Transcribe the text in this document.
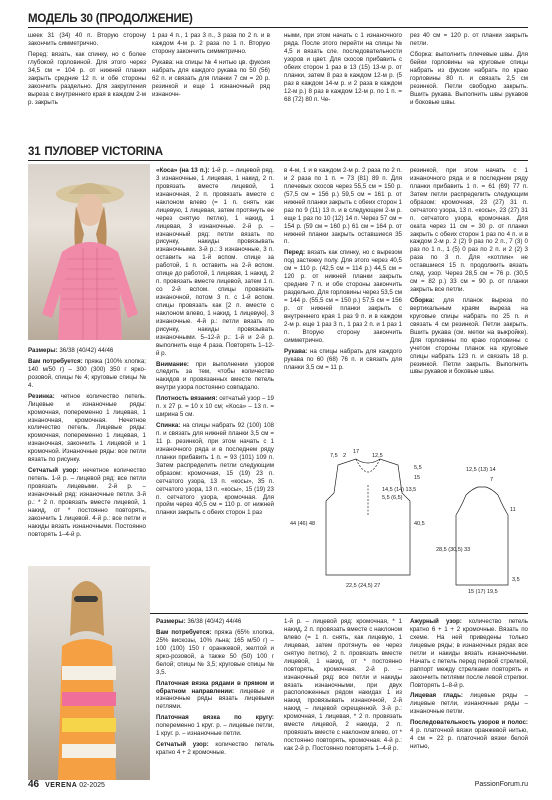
МОДЕЛЬ 30 (ПРОДОЛЖЕНИЕ)

шеек 31 (34) 40 п. Вторую сторону закончить симметрично.

Перед: вязать, как спинку, но с более глубокой горловиной. Для этого через 34,5 см = 104 р. от нижней планки закрыть средние 12 п. и обе стороны закончить раздельно. Для закругления выреза с внутреннего края в каждом 2-м р. закрыть

1 раз 4 п., 1 раз 3 п., 3 раза по 2 п. и в каждом 4-м р. 2 раза по 1 п. Вторую сторону закончить симметрично.

Рукава: на спицы № 4 нитью цв. фуксия набрать для каждого рукава по 50 (56) 62 п. и связать для планки 7 см = 20 р. резинкой и еще 1 изнаночный ряд изнаночн-

ными, при этом начать с 1 изнаночного ряда. После этого перейти на спицы № 4,5 и вязать сле. последовательности узоров и цвет. Для скосов прибавить с обеих сторон 1 раз в 13 (15) 13-м р. от планки, затем 8 раз в каждом 12-м р. (5 раз в каждом 14-м р. и 2 раза в каждом 12-м р.) 8 раз в каждом 12-м р. по 1 п. = 68 (72) 80 п. Че-

рез 40 см = 120 р. от планки закрыть петли.

Сборка: выполнить плечевые швы. Для бейки горловины на круговые спицы набрать из фуксии набрать по краю горловины 80 п. и связать 2,5 см резинкой. Петли свободно закрыть. Вшить рукава. Выполнить швы рукавов и боковые швы.

31 ПУЛОВЕР VICTORINA

Размеры: 36/38 (40/42) 44/46

Вам потребуется: пряжа (100% хлопка; 140 м/50 г) – 300 (300) 350 г ярко-розовой, спицы № 4; круговые спицы № 4.

Резинка: четное количество петель. Лицевые и изнаночные ряды: кромочная, попеременно 1 лицевая, 1 изнаночная, кромочная. Нечетное количество петель. Лицевые ряды: кромочная, попеременно 1 лицевая, 1 изнаночная, закончить 1 лицевой и 1 кромочной. Изнаночные ряды: все петли вязать по рисунку.

Сетчатый узор: нечетное количество петель. 1-й р. – лицевой ряд: все петли провязать лицевыми. 2-й р. – изнаночный ряд: изнаночные петли. 3-й р.: * 2 п. провязать вместе лицевой, 1 накид, от * постоянно повторять, закончить 1 лицевой. 4-й р.: все петли и накиды вязать изнаночными. Постоянно повторять 1–4-й р.

«Коса» (на 13 п.): 1-й р. – лицевой ряд. 3 изнаночные, 1 лицевая, 1 накид, 2 п. провязать вместе лицевой, 1 изнаночная, 2 п. провязать вместе с наклоном влево (= 1 п. снять как лицевую, 1 лицевая, затем протянуть ее через снятую петлю), 1 накид, 1 лицевая, 3 изнаночные. 2-й р. – изнаночный ряд: петли вязать по рисунку, накиды провязывать изнаночными. 3-й р.: 3 изнаночные, 3 п. оставить на 1-й вспом. спице за работой, 1 п. оставить на 2-й вспом. спице до работой, 1 лицевая, 1 накид, 2 п. провязать вместе лицевой, затем 1 п. со 2-й вспом. спицы провязать изнаночной, потом 3 п. с 1-й вспом. спицы провязать как [2 п. вместе с наклоном влево, 1 накид, 1 лицевую], 3 изнаночные. 4-й р.: петли вязать по рисунку, накиды провязывать изнаночными. 5–12-й р.: 1-й и 2-й р. выполнить еще 4 раза. Повторять 1–12-й р.

Внимание: при выполнении узоров следить за тем, чтобы количество накидов и провязанных вместе петель внутри узора постоянно совпадало.

Плотность вязания: сетчатый узор – 19 п. x 27 р. = 10 x 10 см; «Коса» – 13 п. = ширина 5 см.

Спинка: на спицы набрать 92 (100) 108 п. и связать для нижней планки 3,5 см = 11 р. резинкой, при этом начать с 1 изнаночного ряда и в последнем ряду планки прибавить 1 п. = 93 (101) 109 п. Затем распределить петли следующим образом: кромочная, 15 (19) 23 п. сетчатого узора, 13 п. «косы», 35 п. сетчатого узора, 13 п. «косы», 15 (19) 23 п. сетчатого узора, кромочная. Для пройм через 40,5 см = 110 р. от нижней планки закрыть с обеих сторон 1 раз

в 4-м, 1 и в каждом 2-м р. 2 раза по 2 п. и 2 раза по 1 п. = 73 (81) 89 п. Для плечевых скосов через 55,5 см = 150 р. (57,5 см = 156 р.) 59,5 см = 161 р. от нижней планки закрыть с обеих сторон 1 раз по 9 (11) 13 п. и в следующем 2-м р. еще 1 раз по 10 (12) 14 п. Через 57 см = 154 р. (59 см = 160 р.) 61 см = 164 р. от нижней планки закрыть оставшиеся 35 п.

Перед: вязать как спинку, но с вырезом под застежку полу. Для этого через 40,5 см = 110 р. (42,5 см = 114 р.) 44,5 см = 120 р. от нижней планки закрыть средние 7 п. и обе стороны закончить раздельно. Для горловины через 53,5 см = 144 р. (55,5 см = 150 р.) 57,5 см = 156 р. от нижней планки закрыть с внутреннего края 1 раз 9 п. и в каждом 2-м р. еще 1 раз 3 п., 1 раз 2 п. и 1 раз 1 п. Вторую сторону закончить симметрично.

Рукава: на спицы набрать для каждого рукава по 60 (68) 76 п. и связать для планки 3,5 см = 11 р.

резинкой, при этом начать с 1 изнаночного ряда и в последнем ряду планки прибавить 1 п. = 61 (69) 77 п. Затем петли распределить следующим образом: кромочная, 23 (27) 31 п. сетчатого узора, 13 п. «косы», 23 (27) 31 п. сетчатого узора, кромочная. Для оката через 11 см = 30 р. от планки закрыть с обеих сторон 1 раз по 4 п. и в каждом 2-м р. 2 (2) 9 раз по 2 п., 7 (3) 0 раз по 1 п., 1 (5) 0 раз по 2 п. и 2 (2) 3 раза по 3 п. Для «котлин» не оставшиеся 15 п. продолжить вязать след. узор. Через 28,5 см = 76 р. (30,5 см = 82 р.) 33 см = 90 р. от планки закрыть все петли.

Сборка: для планок выреза по вертикальным краям выреза на круговые спицы набрать по 25 п. и связать 4 см резинкой. Петли закрыть. Вшить рукава (см. метки на выкройке). Для горловины по краю горловины с учетом стороны планок на круговые спицы набрать 123 п. и связать 18 р. резинкой. Петли закрыть. Выполнить швы рукавов и боковые швы.

17
12,5
7,5 2
5,5
15
14,5 (14) 13,5
5,5 (6,5)
40,5
44 (46) 48
22,5 (24,5) 27
7
11
28,5 (30,5) 33
12,5 (13) 14
3,5
15 (17) 19,5

Размеры: 36/38 (40/42) 44/46

Вам потребуется: пряжа (65% хлопка, 25% вискозы, 10% льна; 165 м/50 г) – 100 (100) 150 г оранжевой, желтой и ярко-розовой, а также 50 (50) 100 г белой; спицы № 3,5; круговые спицы № 3,5.

Платочная вязка рядами в прямом и обратном направлении: лицевые и изнаночные ряды вязать лицевыми петлями.

Платочная вязка по кругу: попеременно 1 круг. р. – лицевые петли, 1 круг. р. – изнаночные петли.

Сетчатый узор: количество петель кратно 4 + 2 кромочные.

1-й р. – лицевой ряд: кромочная, * 1 накид, 2 п. провязать вместе с наклоном влево (= 1 п. снять, как лицевую, 1 лицевая, затем протянуть ее через снятую петлю), 2 п. провязать вместе лицевой, 1 накид, от * постоянно повторять, кромочная. 2-й р. – изнаночный ряд: все петли и накиды вязать изнаночными, при двух расположенных рядом накидах 1 из накид провязывать изнаночной, 2-й накид – лицевой скрещенной. 3-й р.: кромочная, 1 лицевая, * 2 п. провязать вместе лицевой, 2 накида, 2 п. провязать вместе с наклоном влево, от * постоянно повторять, кромочная. 4-й р.: как 2-й р. Постоянно повторять 1–4-й р.

Ажурный узор: количество петель кратно 6 + 1 + 2 кромочные. Вязать по схеме. На ней приведены только лицевые ряды; в изнаночных рядах все петли и накиды вязать изнаночными. Начать с петель перед первой стрелкой, раппорт между стрелками повторять и закончить петлями после левой стрелки. Повторять 1–8-й р.

Лицевая гладь: лицевые ряды – лицевые петли, изнаночные ряды – изнаночные петли.

Последовательность узоров и полос: 4 р. платочной вязки оранжевой нитью, 4 см = 22 р. платочной вязки белой нитью,

46 VERENA 02-2025	PassionForum.ru
